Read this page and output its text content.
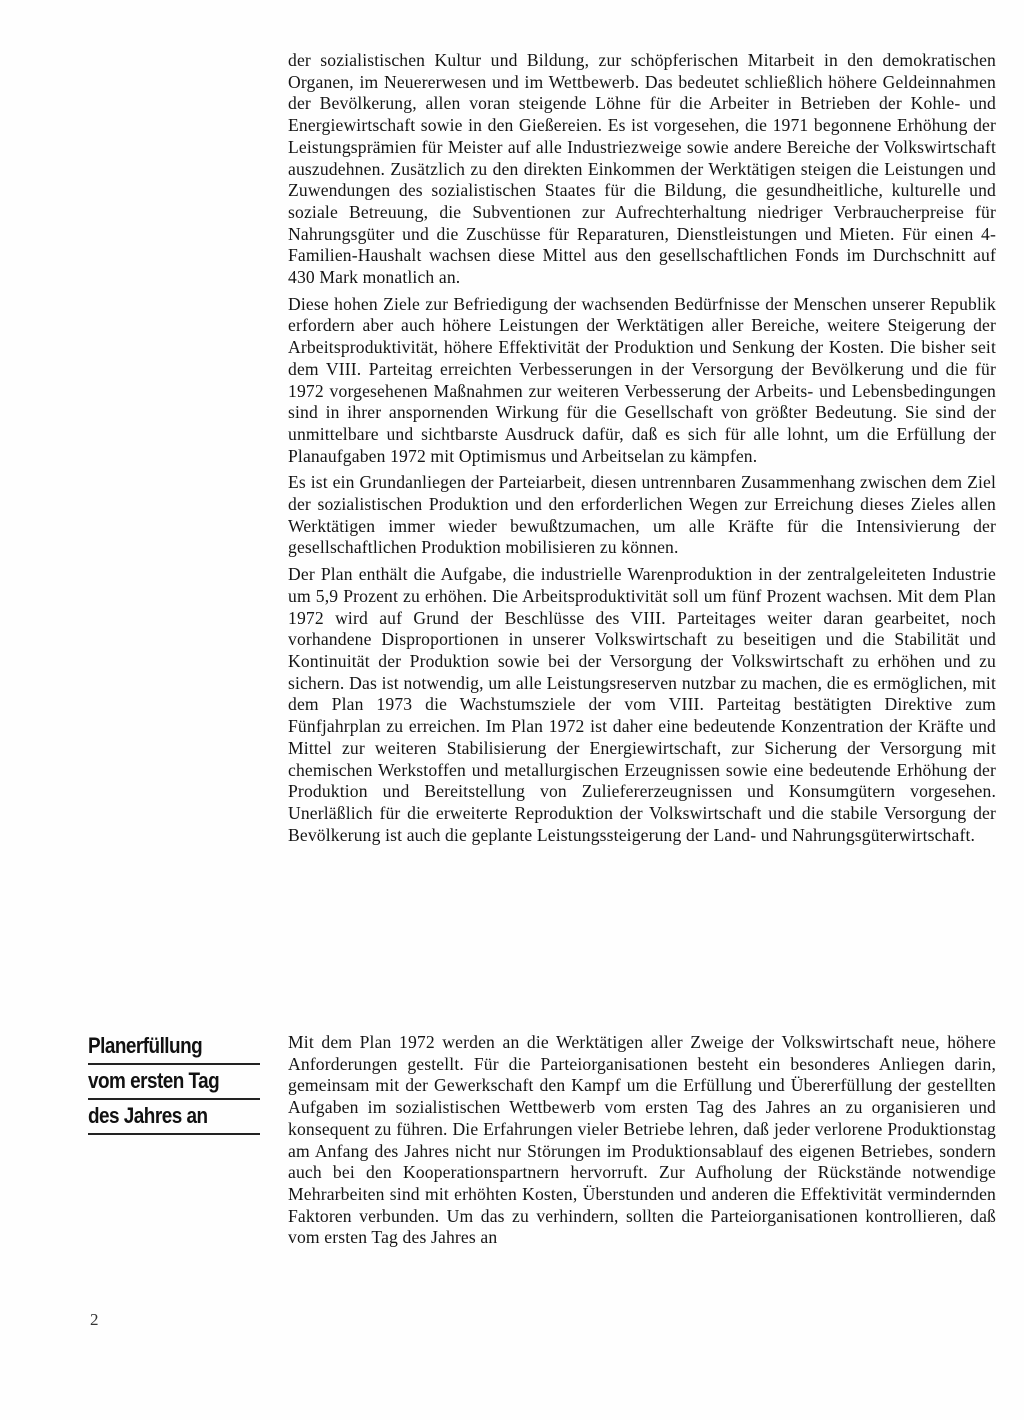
der sozialistischen Kultur und Bildung, zur schöpferischen Mitarbeit in den demokratischen Organen, im Neuererwesen und im Wettbewerb. Das bedeutet schließlich höhere Geldeinnahmen der Bevölkerung, allen voran steigende Löhne für die Arbeiter in Betrieben der Kohle- und Energiewirtschaft sowie in den Gießereien. Es ist vorgesehen, die 1971 begonnene Erhöhung der Leistungsprämien für Meister auf alle Industriezweige sowie andere Bereiche der Volkswirtschaft auszudehnen. Zusätzlich zu den direkten Einkommen der Werktätigen steigen die Leistungen und Zuwendungen des sozialistischen Staates für die Bildung, die gesundheitliche, kulturelle und soziale Betreuung, die Subventionen zur Aufrechterhaltung niedriger Verbraucherpreise für Nahrungsgüter und die Zuschüsse für Reparaturen, Dienstleistungen und Mieten. Für einen 4-Familien-Haushalt wachsen diese Mittel aus den gesellschaftlichen Fonds im Durchschnitt auf 430 Mark monatlich an.

Diese hohen Ziele zur Befriedigung der wachsenden Bedürfnisse der Menschen unserer Republik erfordern aber auch höhere Leistungen der Werktätigen aller Bereiche, weitere Steigerung der Arbeitsproduktivität, höhere Effektivität der Produktion und Senkung der Kosten. Die bisher seit dem VIII. Parteitag erreichten Verbesserungen in der Versorgung der Bevölkerung und die für 1972 vorgesehenen Maßnahmen zur weiteren Verbesserung der Arbeits- und Lebensbedingungen sind in ihrer anspornenden Wirkung für die Gesellschaft von größter Bedeutung. Sie sind der unmittelbare und sichtbarste Ausdruck dafür, daß es sich für alle lohnt, um die Erfüllung der Planaufgaben 1972 mit Optimismus und Arbeitselan zu kämpfen.

Es ist ein Grundanliegen der Parteiarbeit, diesen untrennbaren Zusammenhang zwischen dem Ziel der sozialistischen Produktion und den erforderlichen Wegen zur Erreichung dieses Zieles allen Werktätigen immer wieder bewußtzumachen, um alle Kräfte für die Intensivierung der gesellschaftlichen Produktion mobilisieren zu können.

Der Plan enthält die Aufgabe, die industrielle Warenproduktion in der zentralgeleiteten Industrie um 5,9 Prozent zu erhöhen. Die Arbeitsproduktivität soll um fünf Prozent wachsen. Mit dem Plan 1972 wird auf Grund der Beschlüsse des VIII. Parteitages weiter daran gearbeitet, noch vorhandene Disproportionen in unserer Volkswirtschaft zu beseitigen und die Stabilität und Kontinuität der Produktion sowie bei der Versorgung der Volkswirtschaft zu erhöhen und zu sichern. Das ist notwendig, um alle Leistungsreserven nutzbar zu machen, die es ermöglichen, mit dem Plan 1973 die Wachstumsziele der vom VIII. Parteitag bestätigten Direktive zum Fünfjahrplan zu erreichen. Im Plan 1972 ist daher eine bedeutende Konzentration der Kräfte und Mittel zur weiteren Stabilisierung der Energiewirtschaft, zur Sicherung der Versorgung mit chemischen Werkstoffen und metallurgischen Erzeugnissen sowie eine bedeutende Erhöhung der Produktion und Bereitstellung von Zuliefererzeugnissen und Konsumgütern vorgesehen. Unerläßlich für die erweiterte Reproduktion der Volkswirtschaft und die stabile Versorgung der Bevölkerung ist auch die geplante Leistungssteigerung der Land- und Nahrungsgüterwirtschaft.

Planerfüllung
vom ersten Tag
des Jahres an

Mit dem Plan 1972 werden an die Werktätigen aller Zweige der Volkswirtschaft neue, höhere Anforderungen gestellt. Für die Parteiorganisationen besteht ein besonderes Anliegen darin, gemeinsam mit der Gewerkschaft den Kampf um die Erfüllung und Übererfüllung der gestellten Aufgaben im sozialistischen Wettbewerb vom ersten Tag des Jahres an zu organisieren und konsequent zu führen. Die Erfahrungen vieler Betriebe lehren, daß jeder verlorene Produktionstag am Anfang des Jahres nicht nur Störungen im Produktionsablauf des eigenen Betriebes, sondern auch bei den Kooperationspartnern hervorruft. Zur Aufholung der Rückstände notwendige Mehrarbeiten sind mit erhöhten Kosten, Überstunden und anderen die Effektivität vermindernden Faktoren verbunden. Um das zu verhindern, sollten die Parteiorganisationen kontrollieren, daß vom ersten Tag des Jahres an

2
